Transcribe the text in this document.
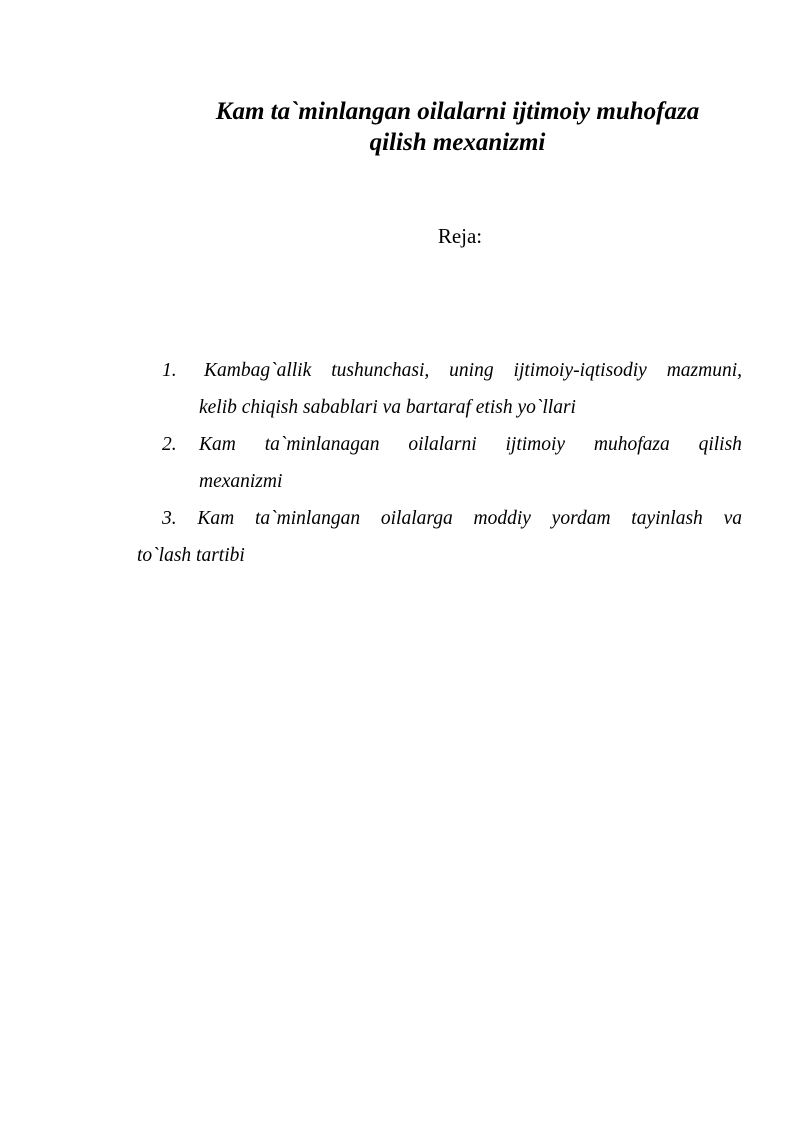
Kam ta`minlangan oilalarni ijtimoiy muhofaza
qilish mexanizmi
Reja:
1. Kambag`allik tushunchasi, uning ijtimoiy-iqtisodiy mazmuni,
kelib chiqish sabablari va bartaraf etish yo`llari
2. Kam ta`minlanagan oilalarni ijtimoiy muhofaza qilish
mexanizmi
3. Kam ta`minlangan oilalarga moddiy yordam tayinlash va
to`lash tartibi
